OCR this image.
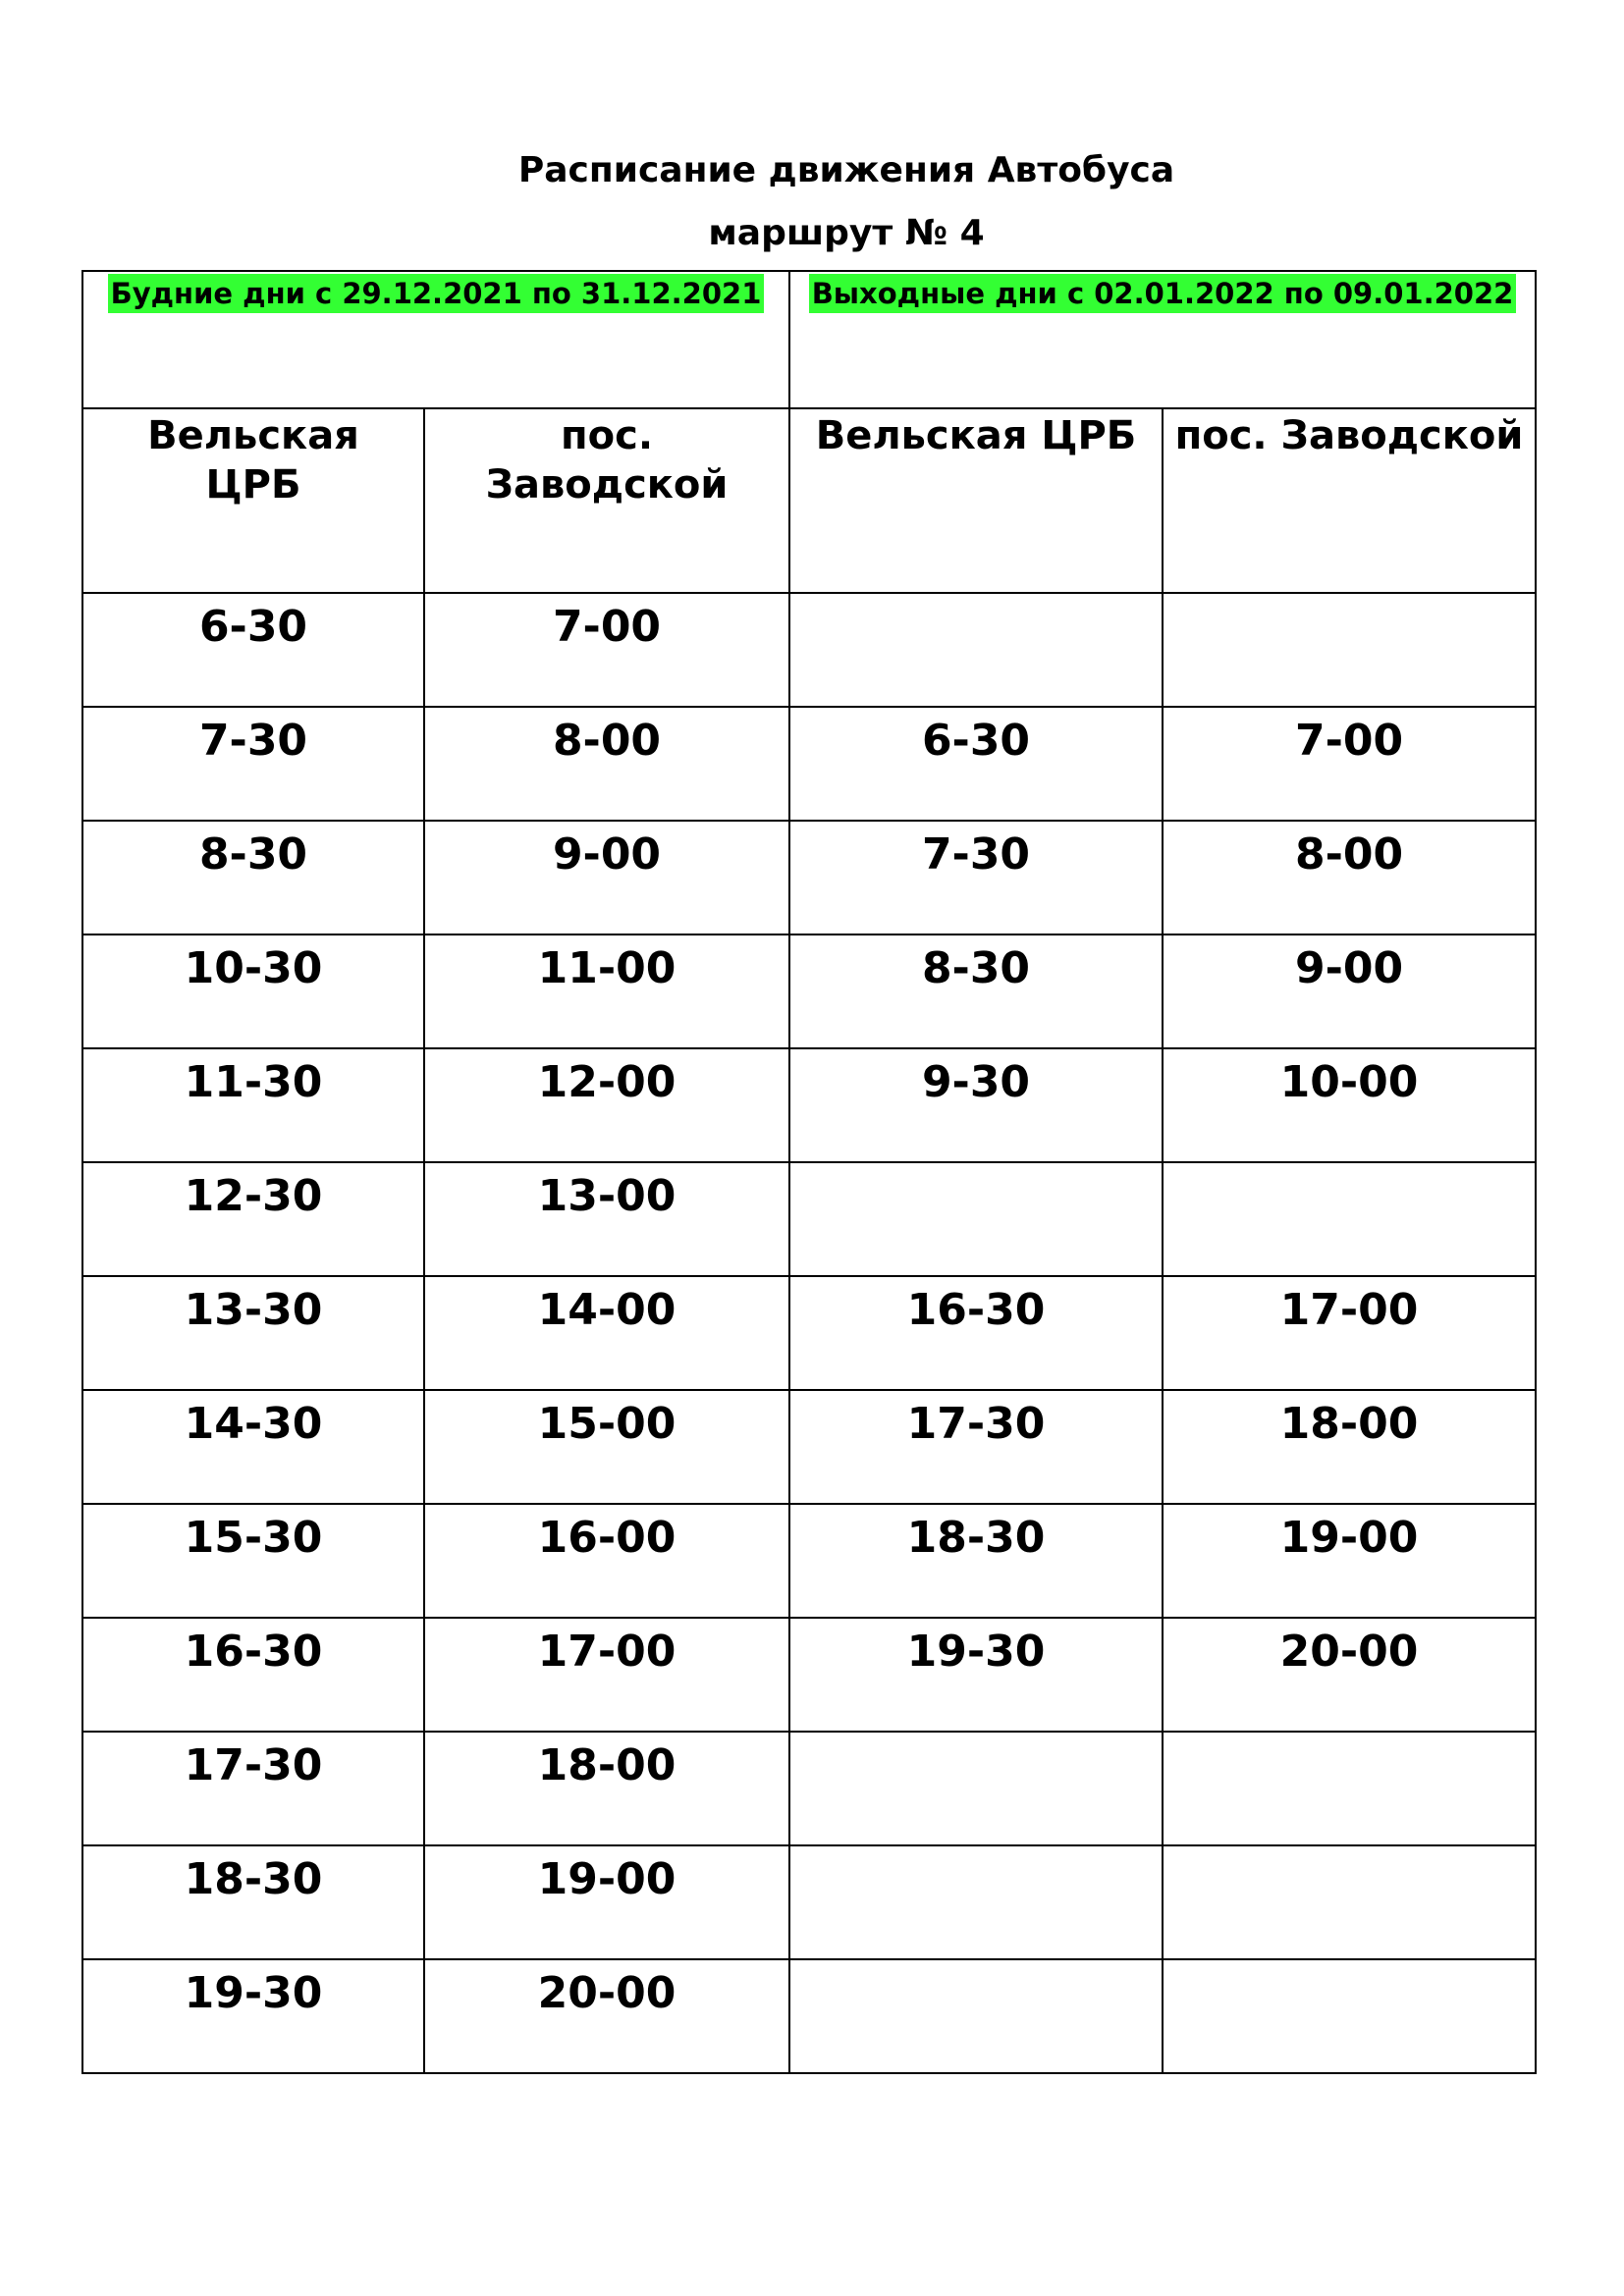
Расписание движения Автобуса
маршрут № 4
Будние дни с 29.12.2021 по 31.12.2021		Выходные дни с 02.01.2022 по 09.01.2022	

Вельская ЦРБ	пос. Заводской	Вельская ЦРБ	пос. Заводской

6-30	7-00		

7-30	8-00	6-30	7-00

8-30	9-00	7-30	8-00

10-30	11-00	8-30	9-00

11-30	12-00	9-30	10-00

12-30	13-00		

13-30	14-00	16-30	17-00

14-30	15-00	17-30	18-00

15-30	16-00	18-30	19-00

16-30	17-00	19-30	20-00

17-30	18-00		

18-30	19-00		

19-30	20-00		
